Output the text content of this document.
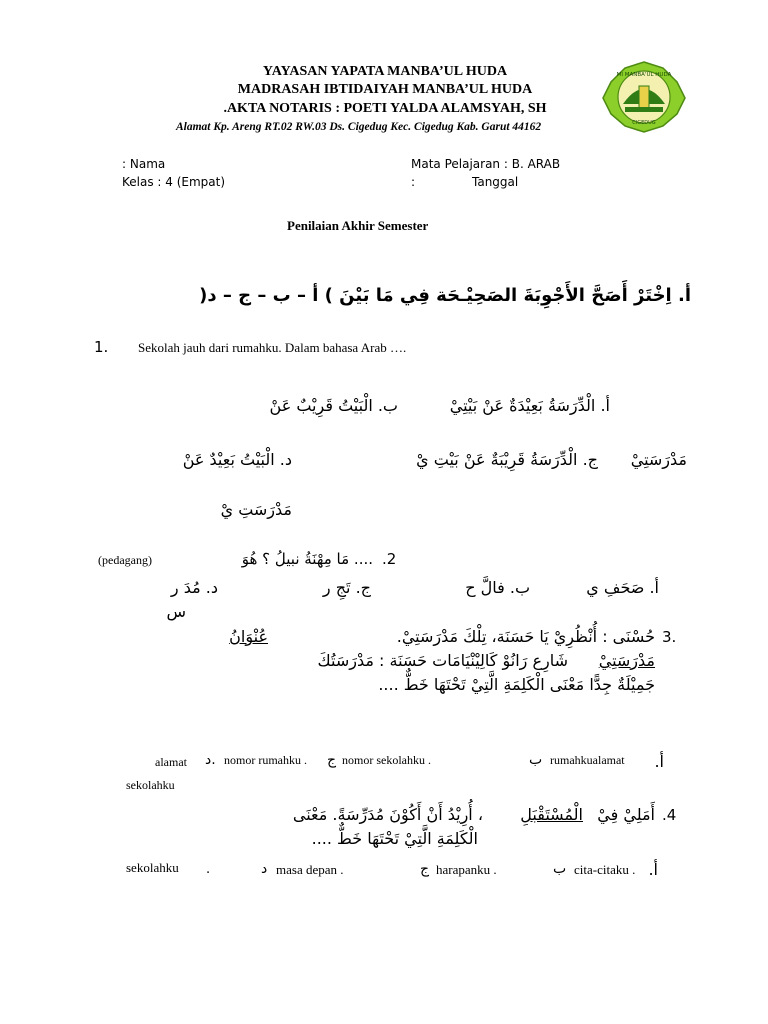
YAYASAN YAPATA MANBA’UL HUDA
MADRASAH IBTIDAIYAH MANBA’UL HUDA
.AKTA NOTARIS : POETI YALDA ALAMSYAH, SH
Alamat Kp. Areng RT.02 RW.03 Ds. Cigedug Kec. Cigedug Kab. Garut 44162
MI MANBA'UL HUDA
CIGEDUG
: Nama
Kelas : 4 (Empat)
Mata Pelajaran : B. ARAB
:	Tanggal
Penilaian Akhir Semester
أ. اِخْتَرْ أَصَحَّ الأَجْوِبَةَ الصَحِيْـحَة فِي مَا بَيْنَ ) أ – ب – ج – د(
1. Sekolah jauh dari rumahku. Dalam bahasa Arab ….
أ. الْدِّرَسَةُ بَعِيْدَةٌ عَنْ بَيْتِيْ
ب. الْبَيْتُ قَرِيْبٌ عَنْ
مَدْرَسَتِيْ
ج. الْدِّرَسَةُ قَرِيْبَةٌ عَنْ بَيْتِ يْ
د. الْبَيْتُ بَعِيْدٌ عَنْ
مَدْرَسَتِ يْ
(pedagang)	.... مَا مِهْنَةُ نبيلُ ؟ هُوَ .2
أ. صَحَفِ ي
ب. فالَّ ح
ج. تَجِ ر
د. مُدَ ر
س
3.
حُسْنَى : أُنْظُرِيْ يَا حَسَنَة، تِلْكَ مَدْرَسَتِيْ.
عُنْوَانُ
مَدْرَسَتِيْ
شَارِع رَانُوْ كَالِيْنْيَامَات حَسَنَة : مَدْرَسَتُكَ
جَمِيْلَةٌ جِدًّا مَعْنَى الْكَلِمَةِ الَّتِيْ تَحْتَهَا خَطٌّ ....
أ.
rumahkualamat
ب
nomor sekolahku .
ج
nomor rumahku .
د.
alamat
sekolahku
.4
أَمَلِيْ فِيْ
الْمُسْتَقْبَلِ
، أُرِيْدُ أَنْ أَكُوْنَ مُدَرِّسَةً. مَعْنَى
الْكَلِمَةِ الَّتِيْ تَحْتَهَا خَطٌّ ....
أ.
cita-citaku .
ب
harapanku .
ج
masa depan .
د
.
sekolahku
